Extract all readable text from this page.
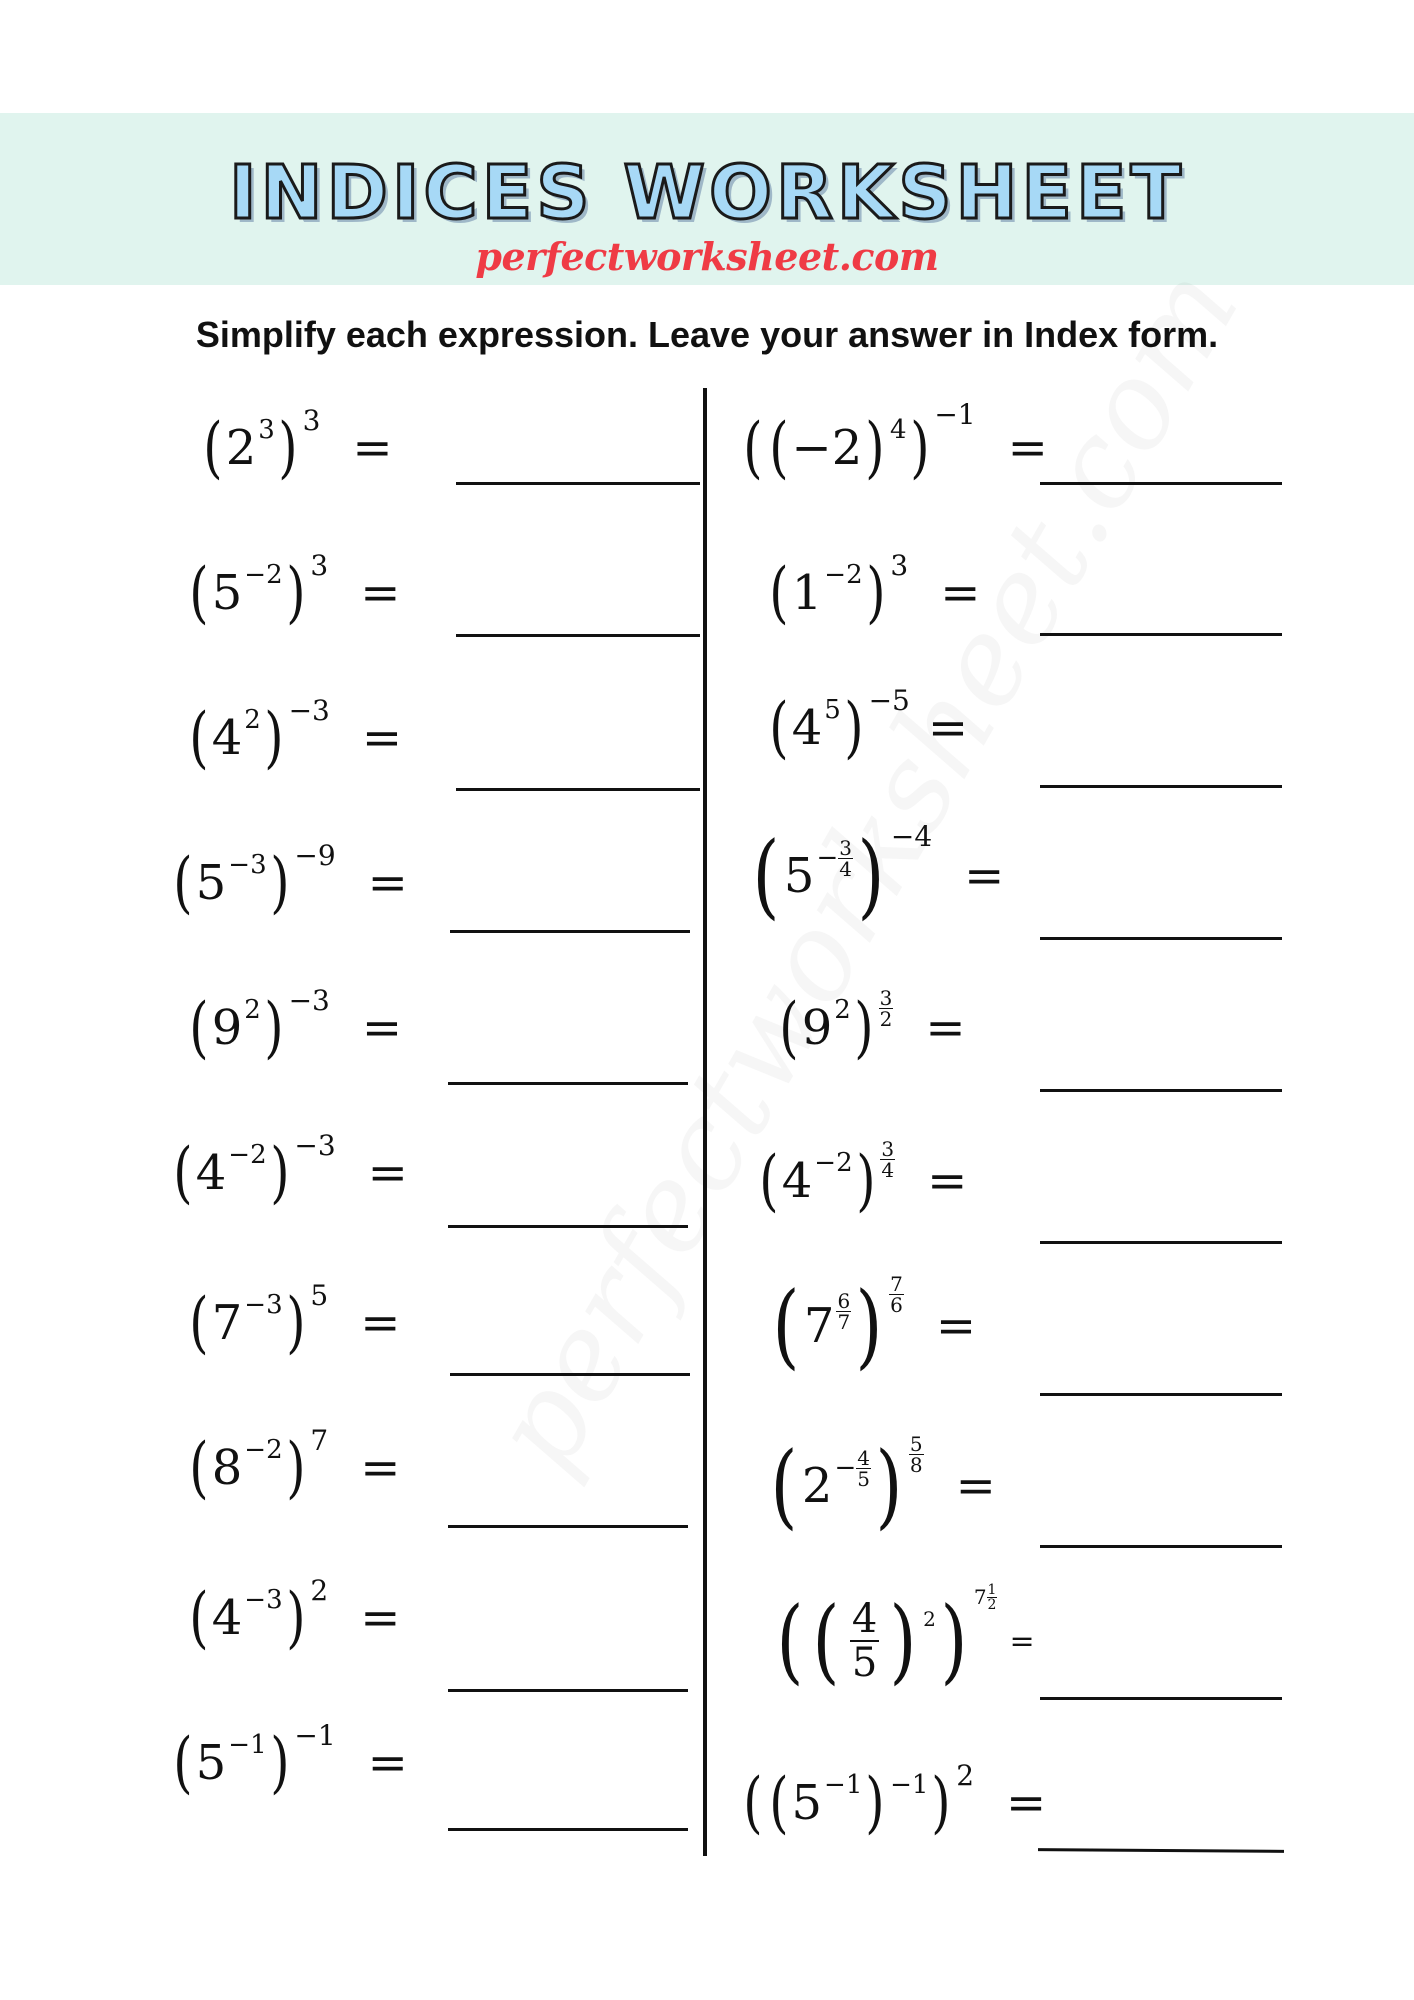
INDICES WORKSHEET
perfectworksheet.com
Simplify each expression. Leave your answer in Index form.
( 2 3 ) 3 =
( 5 −2 ) 3 =
( 4 2 ) −3 =
( 5 −3 ) −9 =
( 9 2 ) −3 =
( 4 −2 ) −3 =
( 7 −3 ) 5 =
( 8 −2 ) 7 =
( 4 −3 ) 2 =
( 5 −1 ) −1 =
( ( −2 ) 4 ) −1
=
( 1 −2 ) 3 =
( 4 5 ) −5 =
( $5 - \frac{3}{4}$ ) −4
=
( 9 2 ) $\frac{3}{2}$ =
( 4 −2 ) $\frac{3}{4}$ =
( $7 \frac{6}{7}$ ) $\frac{7}{6}$
=
( $2 - \frac{4}{5}$ ) $\frac{5}{8}$
=
( ( $\frac{4}{5}$ ) 2 ) $7 \frac{1}{2}$
=
( ( 5 −1 ) −1 ) 2 =
